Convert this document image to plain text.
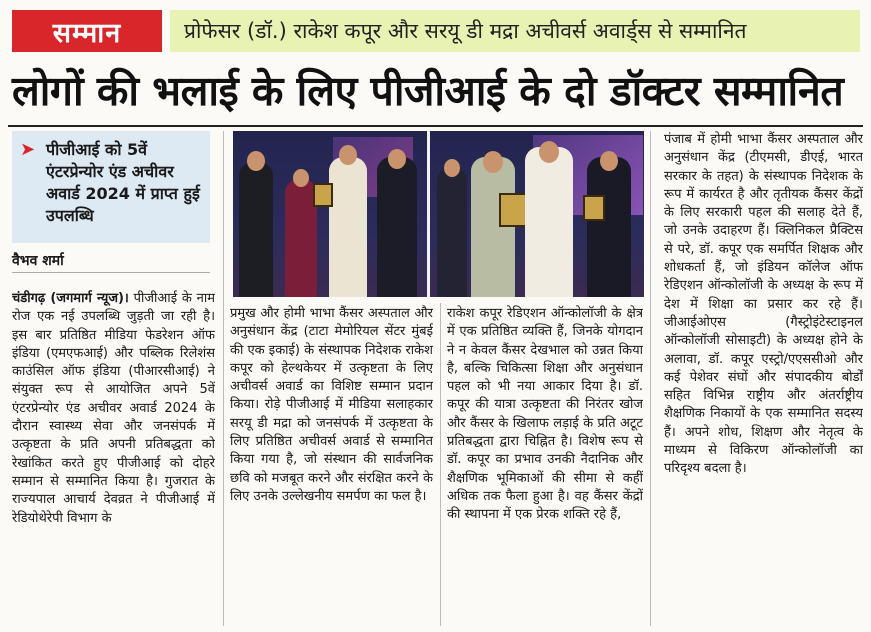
सम्मान	प्रोफेसर (डॉ.) राकेश कपूर और सरयू डी मद्रा अचीवर्स अवार्ड्स से सम्मानित
लोगों की भलाई के लिए पीजीआई के दो डॉक्टर सम्मानित
➤ पीजीआई को 5वें एंटरप्रेन्योर एंड अचीवर अवार्ड 2024 में प्राप्त हुई उपलब्धि
वैभव शर्मा
चंडीगढ़ (जगमार्ग न्यूज)। पीजीआई के नाम रोज एक नई उपलब्धि जुड़ती जा रही है। इस बार प्रतिष्ठित मीडिया फेडरेशन ऑफ इंडिया (एमएफआई) और पब्लिक रिलेशंस काउंसिल ऑफ इंडिया (पीआरसीआई) ने संयुक्त रूप से आयोजित अपने 5वें एंटरप्रेन्योर एंड अचीवर अवार्ड 2024 के दौरान स्वास्थ्य सेवा और जनसंपर्क में उत्कृष्टता के प्रति अपनी प्रतिबद्धता को रेखांकित करते हुए पीजीआई को दोहरे सम्मान से सम्मानित किया है। गुजरात के राज्यपाल आचार्य देवव्रत ने पीजीआई में रेडियोथेरेपी विभाग के
प्रमुख और होमी भाभा कैंसर अस्पताल और अनुसंधान केंद्र (टाटा मेमोरियल सेंटर मुंबई की एक इकाई) के संस्थापक निदेशक राकेश कपूर को हेल्थकेयर में उत्कृष्टता के लिए अचीवर्स अवार्ड का विशिष्ट सम्मान प्रदान किया। रोड़े पीजीआई में मीडिया सलाहकार सरयू डी मद्रा को जनसंपर्क में उत्कृष्टता के लिए प्रतिष्ठित अचीवर्स अवार्ड से सम्मानित किया गया है, जो संस्थान की सार्वजनिक छवि को मजबूत करने और संरक्षित करने के लिए उनके उल्लेखनीय समर्पण का फल है।
राकेश कपूर रेडिएशन ऑन्कोलॉजी के क्षेत्र में एक प्रतिष्ठित व्यक्ति हैं, जिनके योगदान ने न केवल कैंसर देखभाल को उन्नत किया है, बल्कि चिकित्सा शिक्षा और अनुसंधान पहल को भी नया आकार दिया है। डॉ. कपूर की यात्रा उत्कृष्टता की निरंतर खोज और कैंसर के खिलाफ लड़ाई के प्रति अटूट प्रतिबद्धता द्वारा चिह्नित है। विशेष रूप से डॉ. कपूर का प्रभाव उनकी नैदानिक और शैक्षणिक भूमिकाओं की सीमा से कहीं अधिक तक फैला हुआ है। वह कैंसर केंद्रों की स्थापना में एक प्रेरक शक्ति रहे हैं,
पंजाब में होमी भाभा कैंसर अस्पताल और अनुसंधान केंद्र (टीएमसी, डीएई, भारत सरकार के तहत) के संस्थापक निदेशक के रूप में कार्यरत है और तृतीयक कैंसर केंद्रों के लिए सरकारी पहल की सलाह देते हैं, जो उनके उदाहरण हैं। क्लिनिकल प्रैक्टिस से परे, डॉ. कपूर एक समर्पित शिक्षक और शोधकर्ता हैं, जो इंडियन कॉलेज ऑफ रेडिएशन ऑन्कोलॉजी के अध्यक्ष के रूप में देश में शिक्षा का प्रसार कर रहे हैं। जीआईओएस (गैस्ट्रोइंटेस्टाइनल ऑन्कोलॉजी सोसाइटी) के अध्यक्ष होने के अलावा, डॉ. कपूर एस्ट्रो/एएससीओ और कई पेशेवर संघों और संपादकीय बोर्डों सहित विभिन्न राष्ट्रीय और अंतर्राष्ट्रीय शैक्षणिक निकायों के एक सम्मानित सदस्य हैं। अपने शोध, शिक्षण और नेतृत्व के माध्यम से विकिरण ऑन्कोलॉजी का परिदृश्य बदला है।
